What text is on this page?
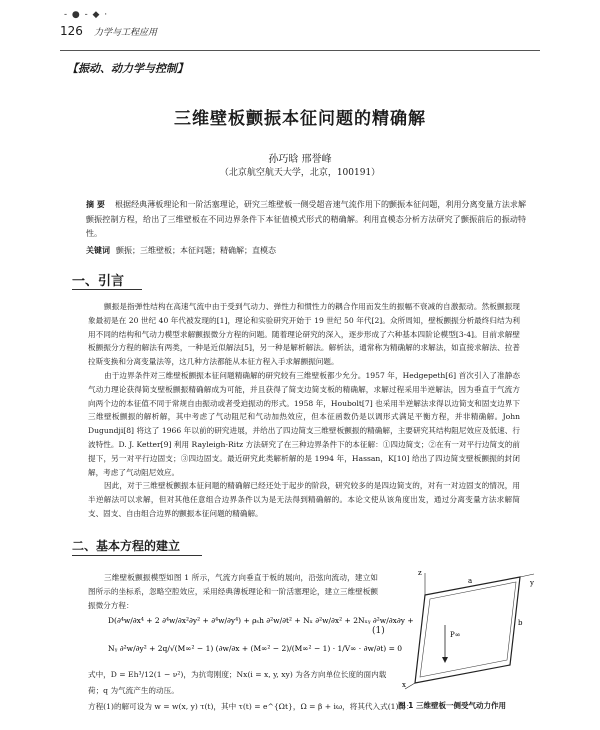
- ● - ◆ ·
126 力学与工程应用
【振动、动力学与控制】
三维壁板颤振本征问题的精确解
孙巧晗 邢誉峰
（北京航空航天大学，北京，100191）
摘 要 根据经典薄板理论和一阶活塞理论，研究三维壁板一侧受超音速气流作用下的颤振本征问题，利用分离变量方法求解颤振控制方程，给出了三维壁板在不同边界条件下本征值模式形式的精确解。利用直模态分析方法研究了颤振前后的振动特性。
关键词 颤振；三维壁板；本征问题；精确解；直模态
一、引言

颤振是指弹性结构在高速气流中由于受到气动力、弹性力和惯性力的耦合作用而发生的振幅不衰减的自激振动。然板颤振现象最初是在 20 世纪 40 年代被发现的[1]，理论和实验研究开始于 19 世纪 50 年代[2]。众所周知，壁板颤振分析最终归结为利用不同的结构和气动力模型求解颤振微分方程的问题。随着理论研究的深入，逐步形成了六种基本四阶论模型[3-4]。目前求解壁板颤振分方程的解法有两类，一种是近似解法[5]，另一种是解析解法。解析法，通常称为精确解的求解法，如直接求解法、拉普拉斯变换和分离变量法等，这几种方法都能从本征方程入手求解颤振问题。

由于边界条件对三维壁板颤振本征问题精确解的研究较有三维壁板都少允分。1957 年，Hedgepeth[6] 首次引入了准静态气动力理论获得简支壁板颤振精确解成为可能，并且获得了简支边简支板的精确解，求解过程采用半逆解法，因为垂直于气流方向两个边的本征值不同于常规自由振动或者受迫振动的形式。1958 年，Houbolt[7] 也采用半逆解法求得以边简支和固支边界下三维壁板颤振的解析解，其中考虑了气动阻尼和气动加热效应，但本征函数仍是以调形式满足平衡方程，并非精确解。John Dugundji[8] 将这了 1966 年以前的研究进展，并给出了四边简支三维壁板颤振的精确解，主要研究其结构阻尼效应及低速、行波特性。D. J. Ketter[9] 利用 Rayleigh-Ritz 方法研究了在三种边界条件下的本征解：①四边简支；②在有一对平行边简支的前提下，另一对平行边固支；③四边固支。最近研究此类解析解的是 1994 年，Hassan，K[10] 给出了四边简支壁板颤振的封闭解，考虑了气动阻尼效应。

因此，对于三维壁板颤振本征问题的精确解已经还处于起步的阶段，研究较多的是四边简支的，对有一对边固支的情况，用半逆解法可以求解，但对其他任意组合边界条件以为是无法得到精确解的。本论文使从该角度出发，通过分离变量方法求解简支、固支、自由组合边界的颤振本征问题的精确解。

二、基本方程的建立

三维壁板颤振模型如图 1 所示，气流方向垂直于板的展向，沿弦向流动，建立如图所示的坐标系，忽略空腔效应，采用经典薄板理论和一阶活塞理论，建立三维壁板颤振微分方程：

D(∂⁴w/∂x⁴ + 2 ∂⁴w/∂x²∂y² + ∂⁴w/∂y⁴) + ρₛh ∂²w/∂t² + Nₓ ∂²w/∂x² + 2Nₓᵧ ∂²w/∂x∂y +
Nᵧ ∂²w/∂y² + 2q/√(M∞² − 1) (∂w/∂x + (M∞² − 2)/(M∞² − 1) · 1/V∞ · ∂w/∂t) = 0
(1)
式中，D = Eh³/12(1 − ν²)，为抗弯刚度；Nx(i = x, y, xy) 为各方向单位长度的面内载荷；q 为气流产生的动压。
方程(1)的解可设为 w = w(x, y) τ(t)，其中 τ(t) = e^{Ωt}，Ω = β + iω，将其代入式(1)得：
P∞
x
z
y
a
b
图 1 三维壁板一侧受气动力作用
